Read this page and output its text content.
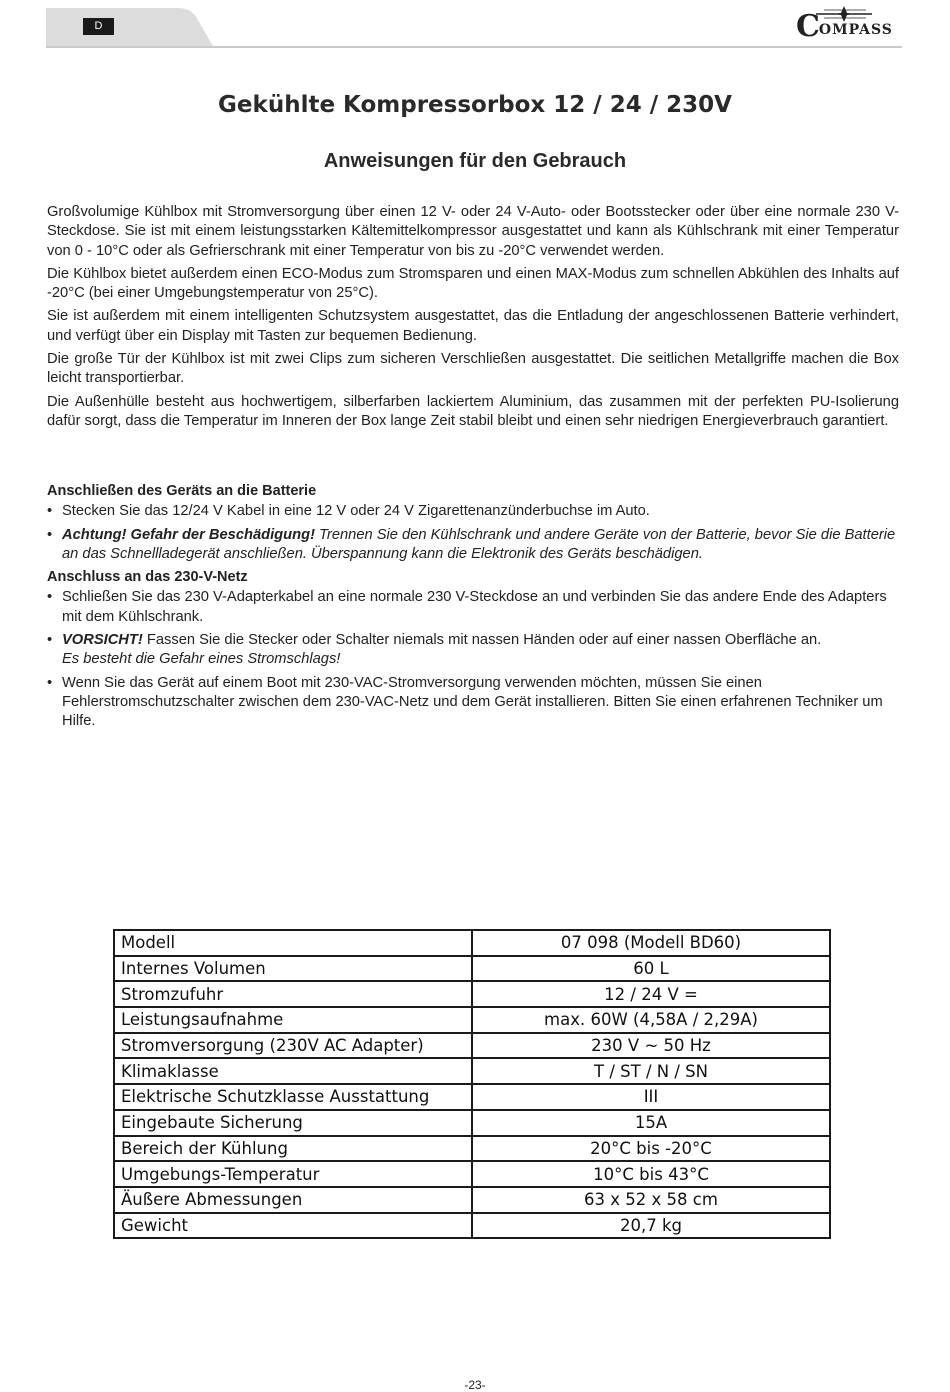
D	COMPASS
Gekühlte Kompressorbox 12 / 24 / 230V
Anweisungen für den Gebrauch

Großvolumige Kühlbox mit Stromversorgung über einen 12 V- oder 24 V-Auto- oder Bootsstecker oder über eine normale 230 V-Steckdose. Sie ist mit einem leistungsstarken Kältemittelkompressor ausgestattet und kann als Kühlschrank mit einer Temperatur von 0 - 10°C oder als Gefrierschrank mit einer Temperatur von bis zu -20°C verwendet werden.

Die Kühlbox bietet außerdem einen ECO-Modus zum Stromsparen und einen MAX-Modus zum schnellen Abkühlen des Inhalts auf -20°C (bei einer Umgebungstemperatur von 25°C).

Sie ist außerdem mit einem intelligenten Schutzsystem ausgestattet, das die Entladung der angeschlossenen Batterie verhindert, und verfügt über ein Display mit Tasten zur bequemen Bedienung.

Die große Tür der Kühlbox ist mit zwei Clips zum sicheren Verschließen ausgestattet. Die seitlichen Metallgriffe machen die Box leicht transportierbar.

Die Außenhülle besteht aus hochwertigem, silberfarben lackiertem Aluminium, das zusammen mit der perfekten PU-Isolierung dafür sorgt, dass die Temperatur im Inneren der Box lange Zeit stabil bleibt und einen sehr niedrigen Energieverbrauch garantiert.

Anschließen des Geräts an die Batterie
• Stecken Sie das 12/24 V Kabel in eine 12 V oder 24 V Zigarettenanzünderbuchse im Auto.
• Achtung! Gefahr der Beschädigung! Trennen Sie den Kühlschrank und andere Geräte von der Batterie, bevor Sie die Batterie an das Schnellladegerät anschließen. Überspannung kann die Elektronik des Geräts beschädigen.
Anschluss an das 230-V-Netz
• Schließen Sie das 230 V-Adapterkabel an eine normale 230 V-Steckdose an und verbinden Sie das andere Ende des Adapters mit dem Kühlschrank.
• VORSICHT! Fassen Sie die Stecker oder Schalter niemals mit nassen Händen oder auf einer nassen Oberfläche an.
Es besteht die Gefahr eines Stromschlags!
• Wenn Sie das Gerät auf einem Boot mit 230-VAC-Stromversorgung verwenden möchten, müssen Sie einen Fehlerstromschutzschalter zwischen dem 230-VAC-Netz und dem Gerät installieren. Bitten Sie einen erfahrenen Techniker um Hilfe.
Modell	07 098 (Modell BD60)
Internes Volumen	60 L
Stromzufuhr	12 / 24 V =
Leistungsaufnahme	max. 60W (4,58A / 2,29A)
Stromversorgung (230V AC Adapter)	230 V ~ 50 Hz
Klimaklasse	T / ST / N / SN
Elektrische Schutzklasse Ausstattung	III
Eingebaute Sicherung	15A
Bereich der Kühlung	20°C bis -20°C
Umgebungs-Temperatur	10°C bis 43°C
Äußere Abmessungen	63 x 52 x 58 cm
Gewicht	20,7 kg
-23-
